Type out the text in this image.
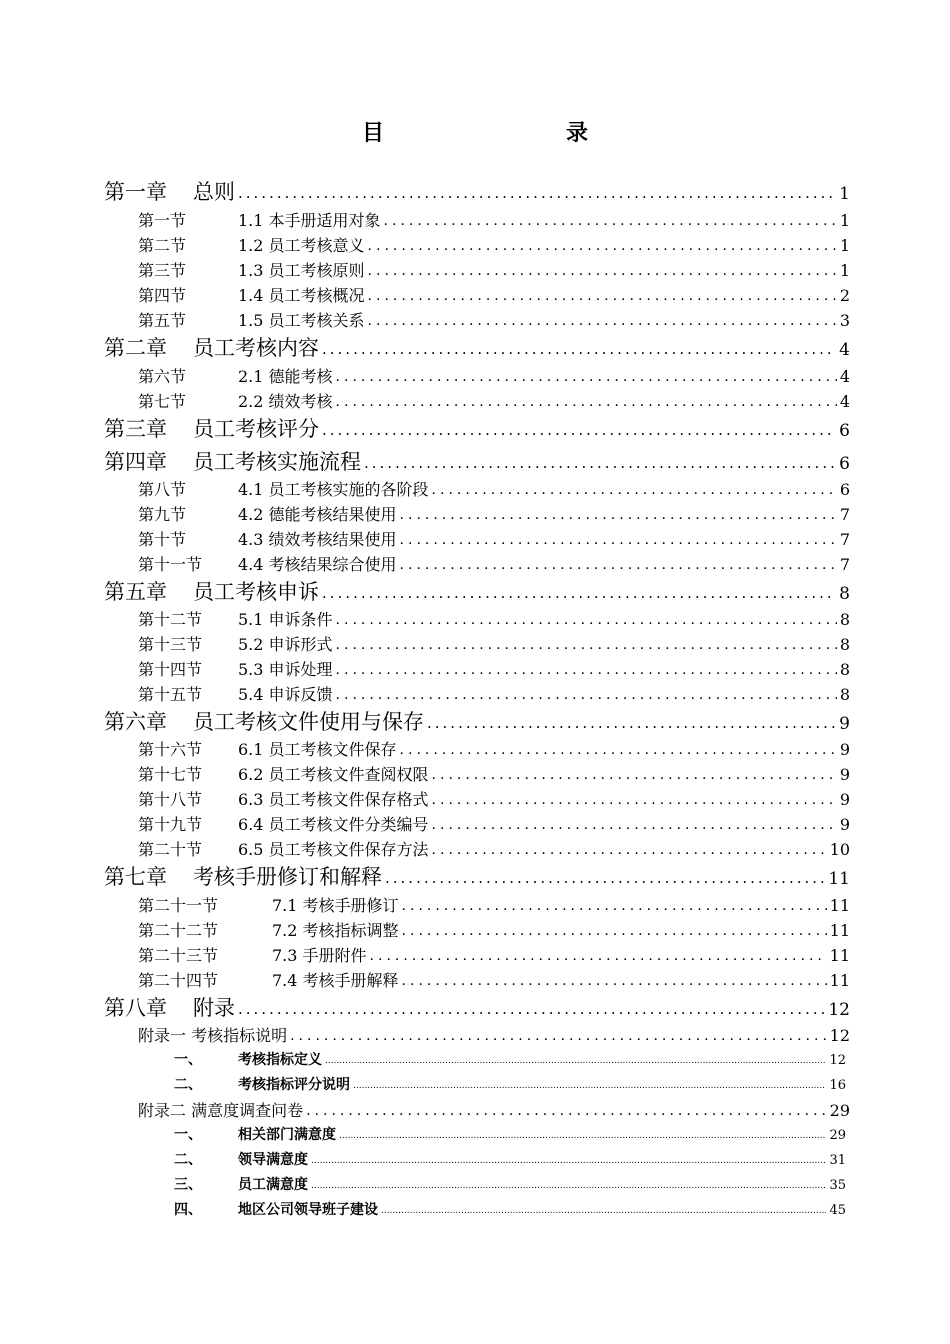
目　　录
第一章 总则 .....	1
第一节	1.1 本手册适用对象 .....	1
第二节	1.2 员工考核意义 .....	1
第三节	1.3 员工考核原则 .....	1
第四节	1.4 员工考核概况 .....	2
第五节	1.5 员工考核关系 .....	3
第二章 员工考核内容 .....	4
第六节	2.1 德能考核 .....	4
第七节	2.2 绩效考核 .....	4
第三章 员工考核评分 .....	6
第四章 员工考核实施流程 .....	6
第八节	4.1 员工考核实施的各阶段 .....	6
第九节	4.2 德能考核结果使用 .....	7
第十节	4.3 绩效考核结果使用 .....	7
第十一节 4.4 考核结果综合使用 .....	7
第五章 员工考核申诉 .....	8
第十二节 5.1 申诉条件 .....	8
第十三节 5.2 申诉形式 .....	8
第十四节 5.3 申诉处理 .....	8
第十五节 5.4 申诉反馈 .....	8
第六章 员工考核文件使用与保存 .....	9
第十六节 6.1 员工考核文件保存 .....	9
第十七节 6.2 员工考核文件查阅权限 .....	9
第十八节 6.3 员工考核文件保存格式 .....	9
第十九节 6.4 员工考核文件分类编号 .....	9
第二十节 6.5 员工考核文件保存方法 .....	10
第七章 考核手册修订和解释 .....	11
第二十一节	7.1 考核手册修订 .....	11
第二十二节	7.2 考核指标调整 .....	11
第二十三节	7.3 手册附件 .....	11
第二十四节	7.4 考核手册解释 .....	11
第八章 附录 .....	12
附录一 考核指标说明 .....	12
一、	考核指标定义 .....	12
二、	考核指标评分说明 .....	16
附录二 满意度调查问卷 .....	29
一、	相关部门满意度 .....	29
二、	领导满意度 .....	31
三、	员工满意度 .....	35
四、	地区公司领导班子建设 .....	45
